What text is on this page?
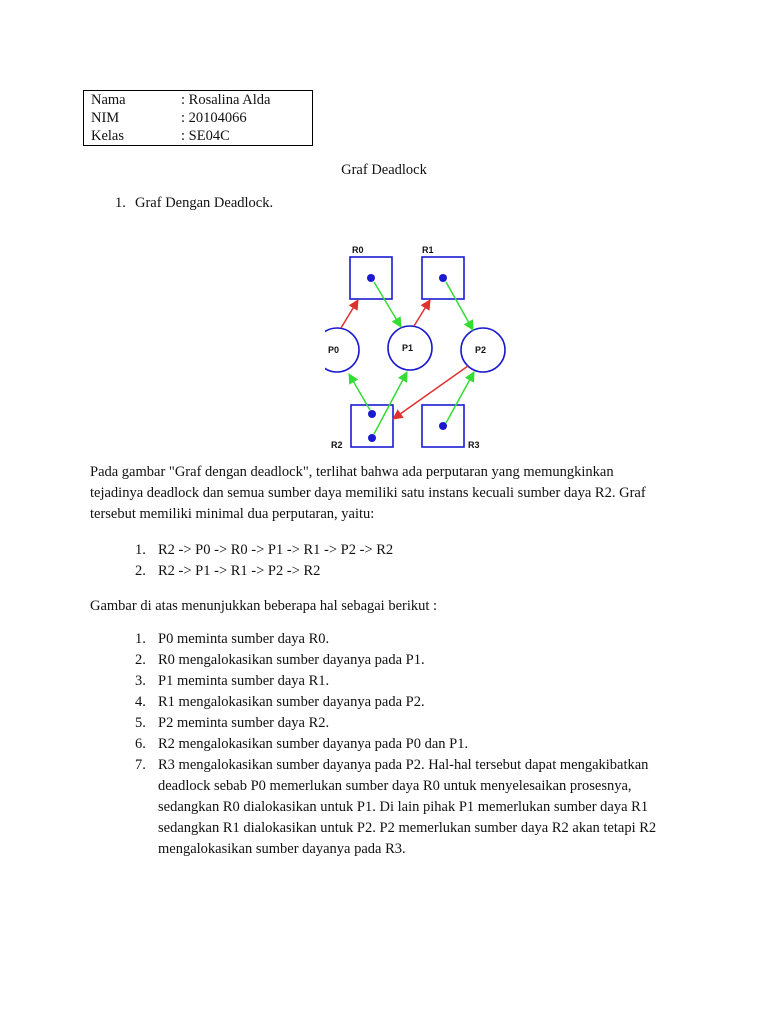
Nama	: Rosalina Alda
NIM	: 20104066
Kelas	: SE04C
Graf Deadlock
1. Graf Dengan Deadlock.
R0	R1
R2	R3
P0	P1	P2
Pada gambar "Graf dengan deadlock", terlihat bahwa ada perputaran yang memungkinkan
tejadinya deadlock dan semua sumber daya memiliki satu instans kecuali sumber daya R2. Graf
tersebut memiliki minimal dua perputaran, yaitu:
1. R2 -> P0 -> R0 -> P1 -> R1 -> P2 -> R2
2. R2 -> P1 -> R1 -> P2 -> R2
Gambar di atas menunjukkan beberapa hal sebagai berikut :
1. P0 meminta sumber daya R0.
2. R0 mengalokasikan sumber dayanya pada P1.
3. P1 meminta sumber daya R1.
4. R1 mengalokasikan sumber dayanya pada P2.
5. P2 meminta sumber daya R2.
6. R2 mengalokasikan sumber dayanya pada P0 dan P1.
7. R3 mengalokasikan sumber dayanya pada P2. Hal-hal tersebut dapat mengakibatkan
deadlock sebab P0 memerlukan sumber daya R0 untuk menyelesaikan prosesnya,
sedangkan R0 dialokasikan untuk P1. Di lain pihak P1 memerlukan sumber daya R1
sedangkan R1 dialokasikan untuk P2. P2 memerlukan sumber daya R2 akan tetapi R2
mengalokasikan sumber dayanya pada R3.
